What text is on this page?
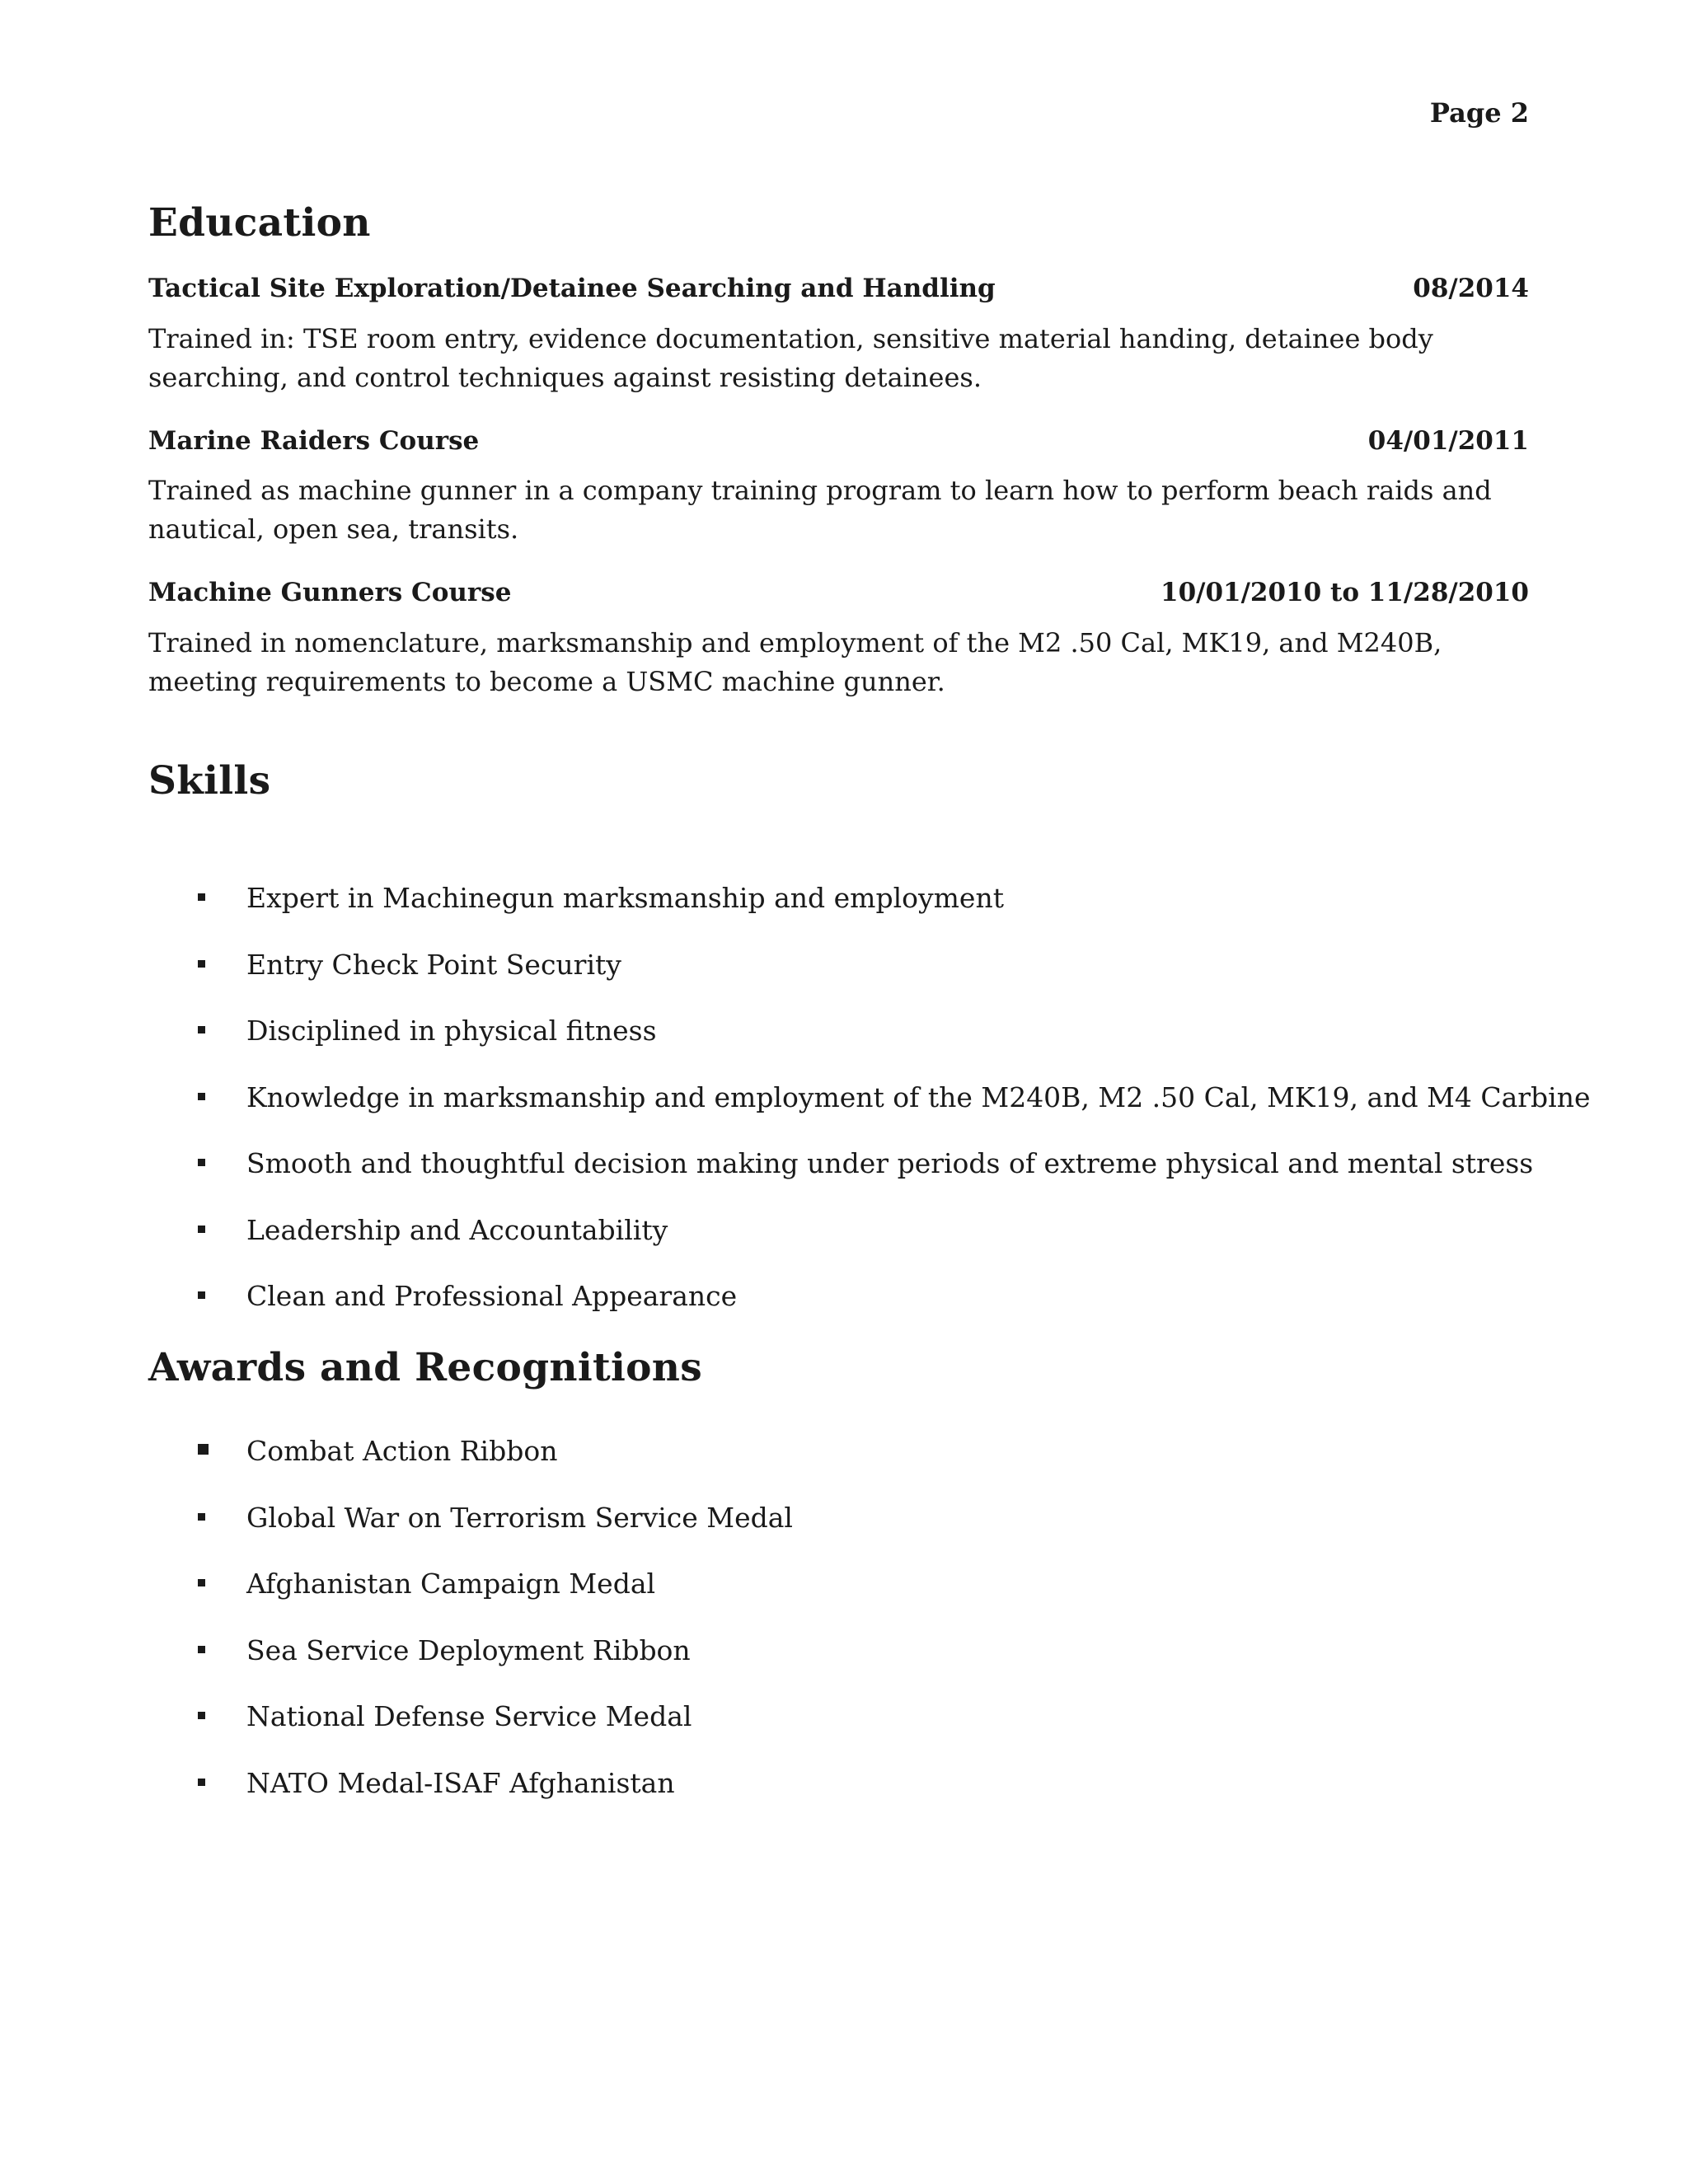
Page 2
Education
Tactical Site Exploration/Detainee Searching and Handling	08/2014
Trained in: TSE room entry, evidence documentation, sensitive material handing, detainee body searching, and control techniques against resisting detainees.
Marine Raiders Course	04/01/2011
Trained as machine gunner in a company training program to learn how to perform beach raids and nautical, open sea, transits.
Machine Gunners Course	10/01/2010 to 11/28/2010
Trained in nomenclature, marksmanship and employment of the M2 .50 Cal, MK19, and M240B, meeting requirements to become a USMC machine gunner.
Skills
Expert in Machinegun marksmanship and employment
Entry Check Point Security
Disciplined in physical fitness
Knowledge in marksmanship and employment of the M240B, M2 .50 Cal, MK19, and M4 Carbine
Smooth and thoughtful decision making under periods of extreme physical and mental stress
Leadership and Accountability
Clean and Professional Appearance
Awards and Recognitions
Combat Action Ribbon
Global War on Terrorism Service Medal
Afghanistan Campaign Medal
Sea Service Deployment Ribbon
National Defense Service Medal
NATO Medal-ISAF Afghanistan
